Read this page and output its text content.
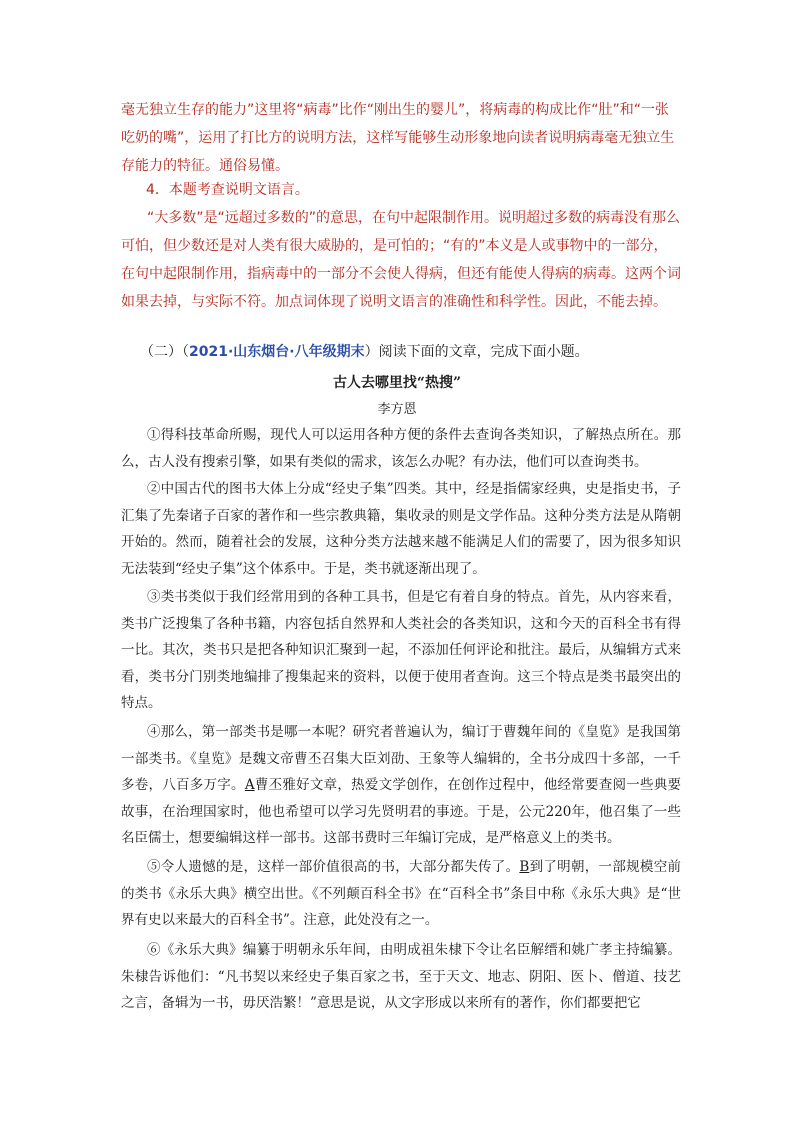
毫无独立生存的能力”这里将“病毒”比作“刚出生的婴儿”，将病毒的构成比作“肚”和“一张吃奶的嘴”，运用了打比方的说明方法，这样写能够生动形象地向读者说明病毒毫无独立生存能力的特征。通俗易懂。

4．本题考查说明文语言。

“大多数”是“远超过多数的”的意思，在句中起限制作用。说明超过多数的病毒没有那么可怕，但少数还是对人类有很大威胁的，是可怕的；“有的”本义是人或事物中的一部分，在句中起限制作用，指病毒中的一部分不会使人得病，但还有能使人得病的病毒。这两个词如果去掉，与实际不符。加点词体现了说明文语言的准确性和科学性。因此，不能去掉。

（二）（2021·山东烟台·八年级期末）阅读下面的文章，完成下面小题。
古人去哪里找“热搜”
李方恩

①得科技革命所赐，现代人可以运用各种方便的条件去查询各类知识，了解热点所在。那么，古人没有搜索引擎，如果有类似的需求，该怎么办呢？有办法，他们可以查询类书。

②中国古代的图书大体上分成“经史子集”四类。其中，经是指儒家经典，史是指史书，子汇集了先秦诸子百家的著作和一些宗教典籍，集收录的则是文学作品。这种分类方法是从隋朝开始的。然而，随着社会的发展，这种分类方法越来越不能满足人们的需要了，因为很多知识无法装到“经史子集”这个体系中。于是，类书就逐渐出现了。

③类书类似于我们经常用到的各种工具书，但是它有着自身的特点。首先，从内容来看，类书广泛搜集了各种书籍，内容包括自然界和人类社会的各类知识，这和今天的百科全书有得一比。其次，类书只是把各种知识汇聚到一起，不添加任何评论和批注。最后，从编辑方式来看，类书分门别类地编排了搜集起来的资料，以便于使用者查询。这三个特点是类书最突出的特点。

④那么，第一部类书是哪一本呢？研究者普遍认为，编订于曹魏年间的《皇览》是我国第一部类书。《皇览》是魏文帝曹丕召集大臣刘劭、王象等人编辑的，全书分成四十多部，一千多卷，八百多万字。A曹丕雅好文章，热爱文学创作，在创作过程中，他经常要查阅一些典要故事，在治理国家时，他也希望可以学习先贤明君的事迹。于是，公元220年，他召集了一些名臣儒士，想要编辑这样一部书。这部书费时三年编订完成，是严格意义上的类书。

⑤令人遗憾的是，这样一部价值很高的书，大部分都失传了。B到了明朝，一部规模空前的类书《永乐大典》横空出世。《不列颠百科全书》在“百科全书”条目中称《永乐大典》是“世界有史以来最大的百科全书”。注意，此处没有之一。

⑥《永乐大典》编纂于明朝永乐年间，由明成祖朱棣下令让名臣解缙和姚广孝主持编纂。朱棣告诉他们：“凡书契以来经史子集百家之书，至于天文、地志、阴阳、医卜、僧道、技艺之言，备辑为一书，毋厌浩繁！”意思是说，从文字形成以来所有的著作，你们都要把它
